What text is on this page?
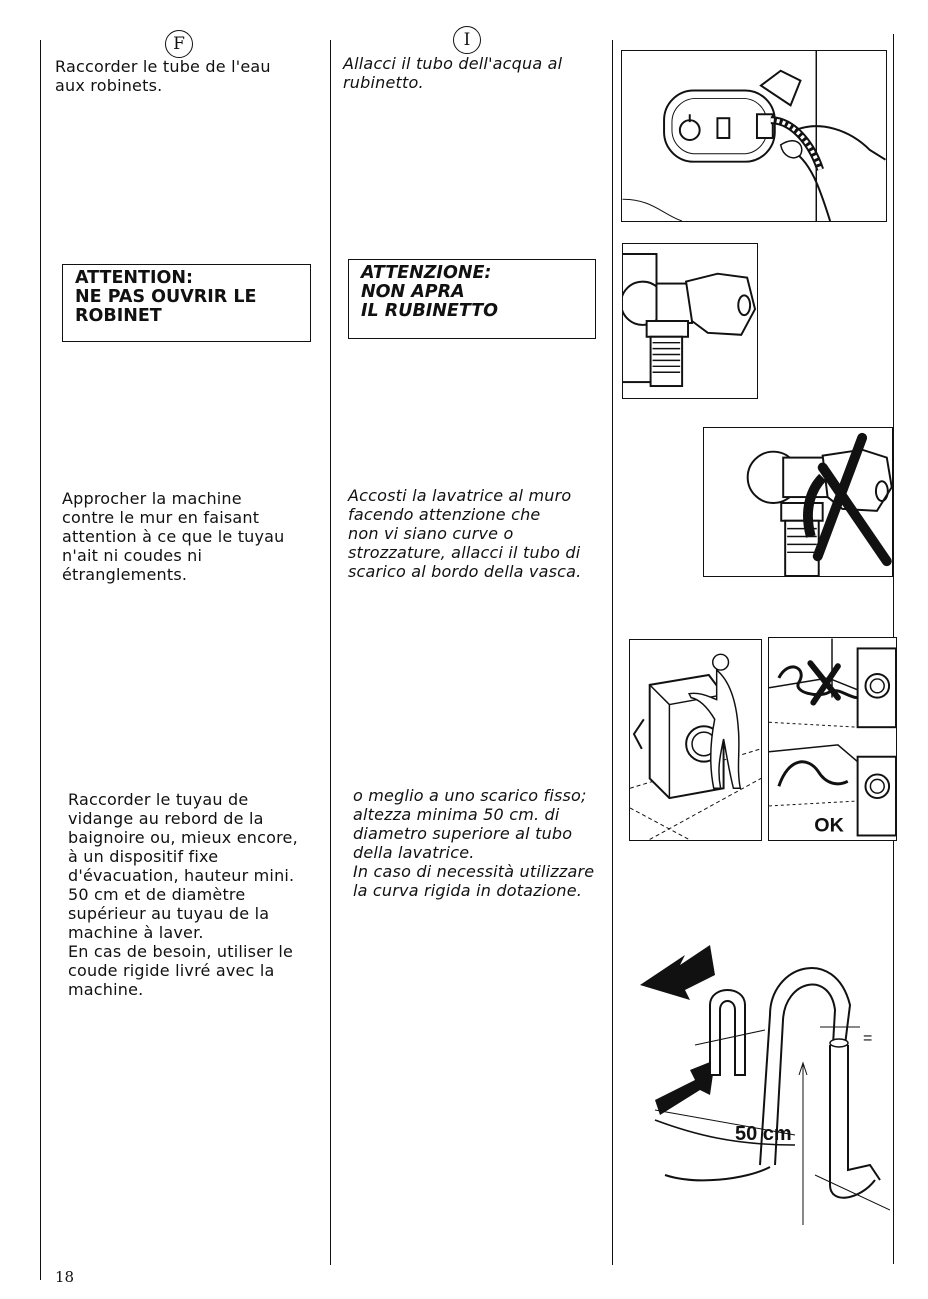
F	I
Raccorder le tube de l'eau
aux robinets.
ATTENTION:
NE PAS OUVRIR LE
ROBINET
Approcher la machine
contre le mur en faisant
attention à ce que le tuyau
n'ait ni coudes ni
étranglements.
Raccorder le tuyau de
vidange au rebord de la
baignoire ou, mieux encore,
à un dispositif fixe
d'évacuation, hauteur mini.
50 cm et de diamètre
supérieur au tuyau de la
machine à laver.
En cas de besoin, utiliser le
coude rigide livré avec la
machine.
Allacci il tubo dell'acqua al
rubinetto.
ATTENZIONE:
NON APRA
IL RUBINETTO
Accosti la lavatrice al muro
facendo attenzione che
non vi siano curve o
strozzature, allacci il tubo di
scarico al bordo della vasca.
o meglio a uno scarico fisso;
altezza minima 50 cm. di
diametro superiore al tubo
della lavatrice.
In caso di necessità utilizzare
la curva rigida in dotazione.
OK
=
50 cm
18
